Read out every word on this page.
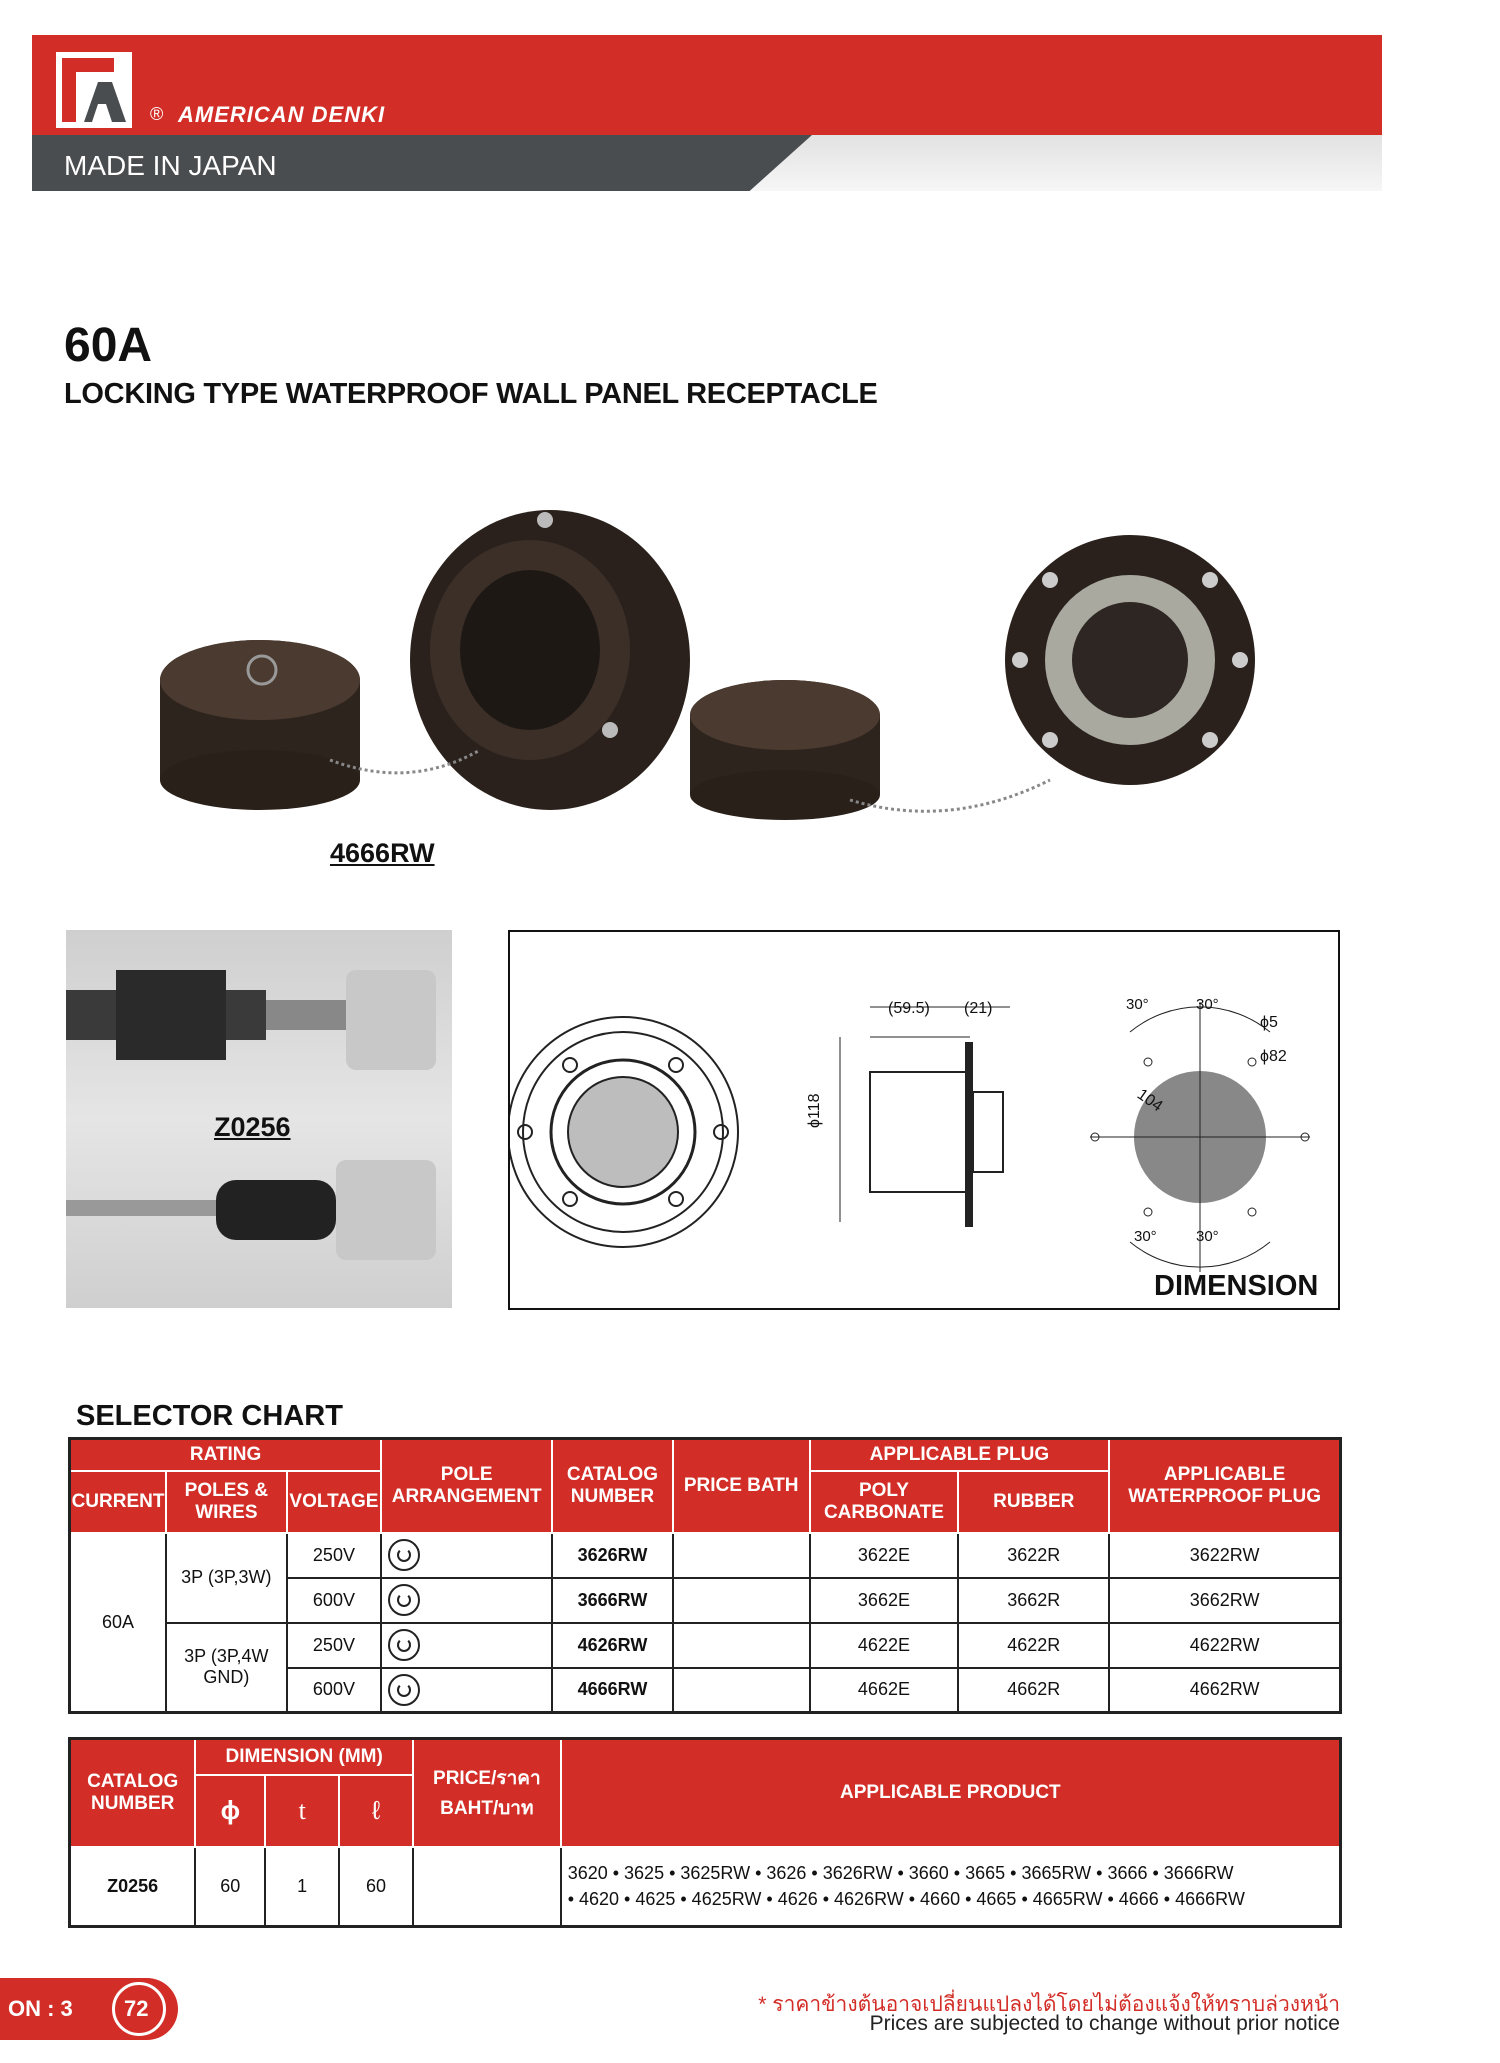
® AMERICAN DENKI
MADE IN JAPAN
60A
LOCKING TYPE WATERPROOF WALL PANEL RECEPTACLE
4666RW
Z0256
(59.5) (21)
ϕ118
30°	30°
30°	30°
ϕ5
ϕ82
104
DIMENSION
SELECTOR CHART
RATING			POLE ARRANGEMENT	CATALOG NUMBER	PRICE BATH	APPLICABLE PLUG		APPLICABLE WATERPROOF PLUG
CURRENT	POLES & WIRES	VOLTAGE				POLY CARBONATE	RUBBER	
60A	3P (3P,3W)	250V		3626RW		3622E	3622R	3622RW
		600V		3666RW		3662E	3662R	3662RW
	3P (3P,4W GND)	250V		4626RW		4622E	4622R	4622RW
		600V		4666RW		4662E	4662R	4662RW
CATALOG NUMBER	DIMENSION (MM)			PRICE/ราคา BAHT/บาท	APPLICABLE PRODUCT
	ϕ	t	ℓ		
Z0256	60	1	60		3620 • 3625 • 3625RW • 3626 • 3626RW • 3660 • 3665 • 3665RW • 3666 • 3666RW
• 4620 • 4625 • 4625RW • 4626 • 4626RW • 4660 • 4665 • 4665RW • 4666 • 4666RW
ON : 3 72	* ราคาข้างต้นอาจเปลี่ยนแปลงได้โดยไม่ต้องแจ้งให้ทราบล่วงหน้า
Prices are subjected to change without prior notice
